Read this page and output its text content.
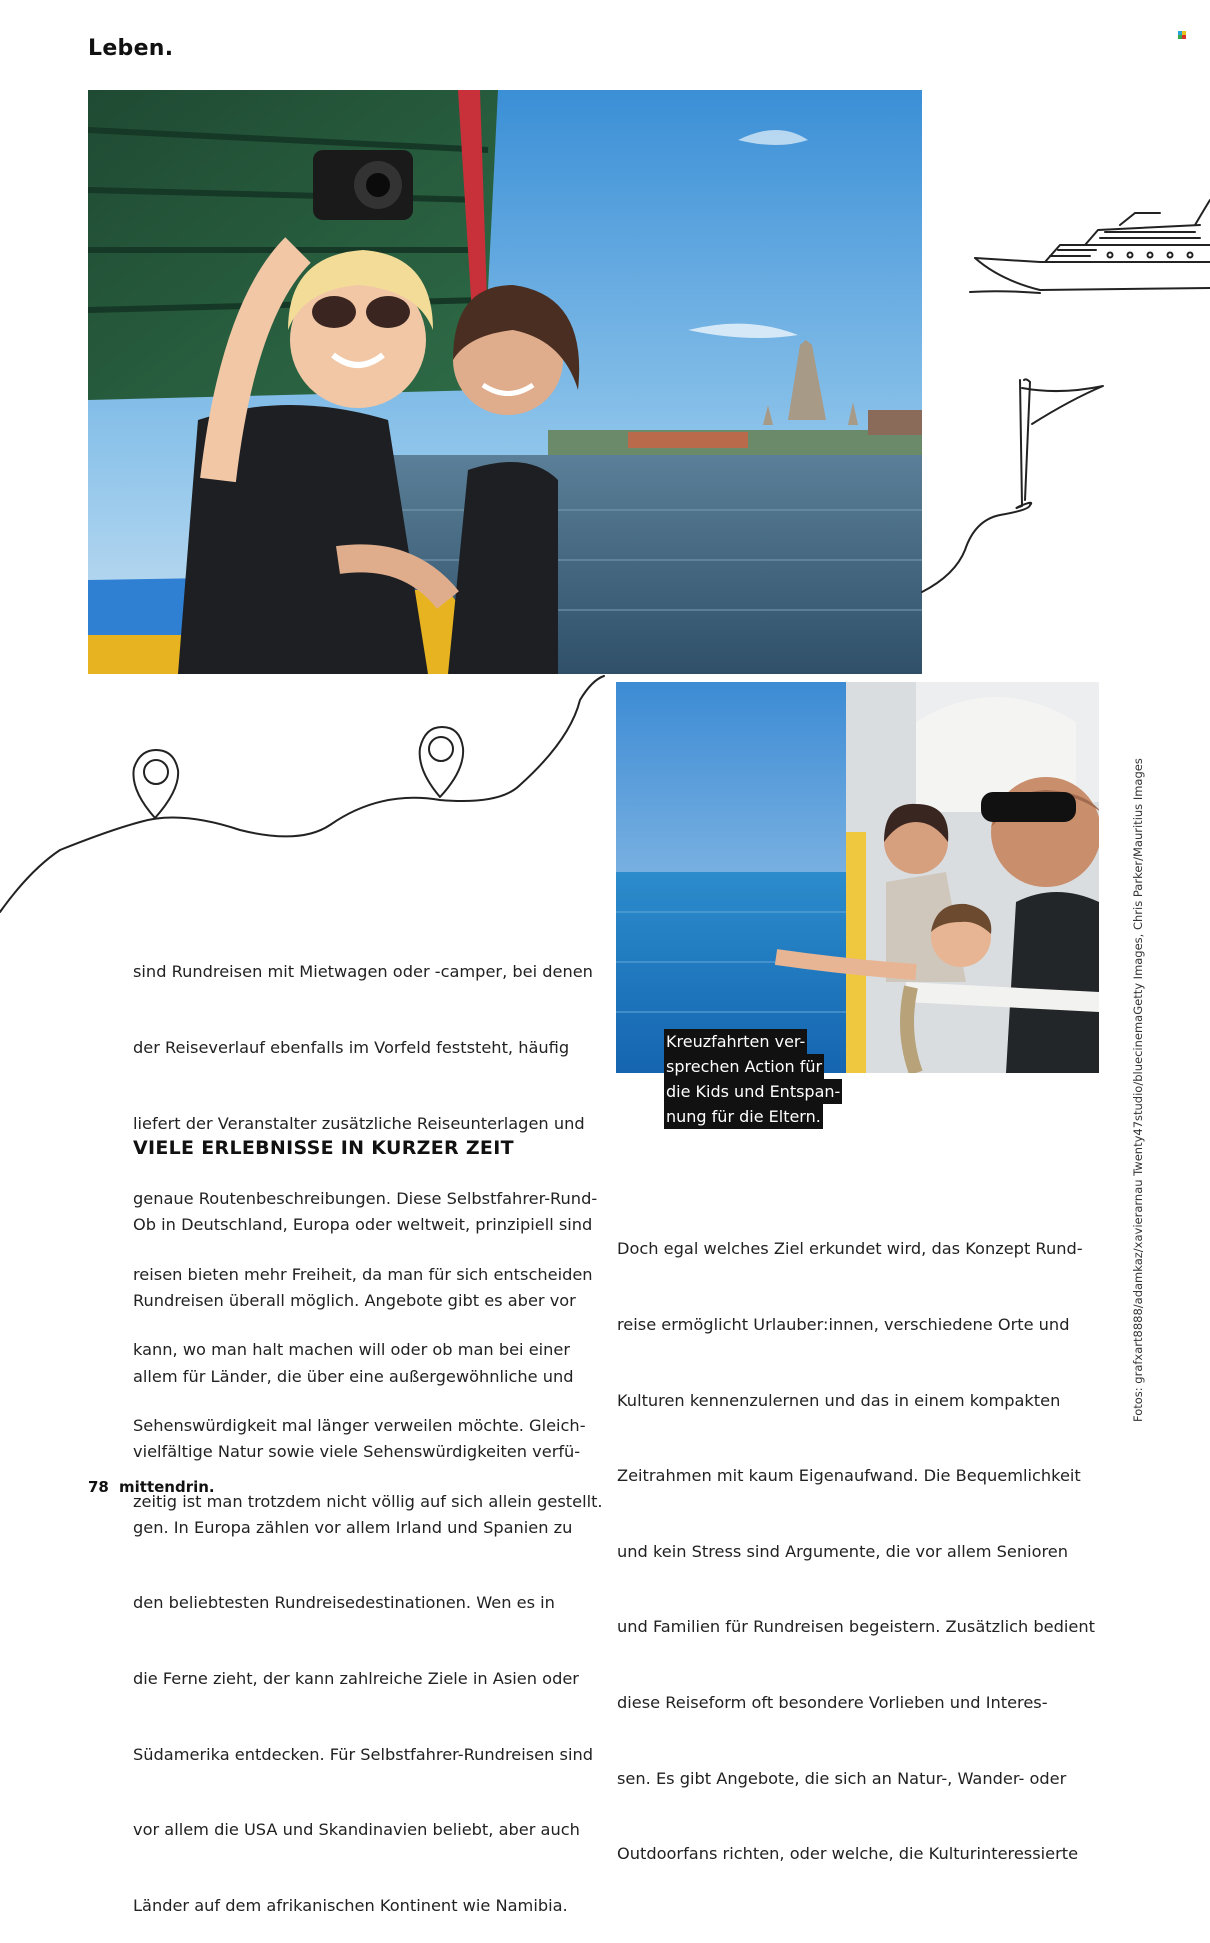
Leben.

sind Rundreisen mit Mietwagen oder -camper, bei denen

der Reiseverlauf ebenfalls im Vorfeld feststeht, häufig

liefert der Veranstalter zusätzliche Reiseunterlagen und

genaue Routenbeschreibungen. Diese Selbstfahrer-Rund-

reisen bieten mehr Freiheit, da man für sich entscheiden

kann, wo man halt machen will oder ob man bei einer

Sehenswürdigkeit mal länger verweilen möchte. Gleich-

zeitig ist man trotzdem nicht völlig auf sich allein gestellt.

VIELE ERLEBNISSE IN KURZER ZEIT

Ob in Deutschland, Europa oder weltweit, prinzipiell sind

Rundreisen überall möglich. Angebote gibt es aber vor

allem für Länder, die über eine außergewöhnliche und

vielfältige Natur sowie viele Sehenswürdigkeiten verfü-

gen. In Europa zählen vor allem Irland und Spanien zu

den beliebtesten Rundreisedestinationen. Wen es in

die Ferne zieht, der kann zahlreiche Ziele in Asien oder

Südamerika entdecken. Für Selbstfahrer-Rundreisen sind

vor allem die USA und Skandinavien beliebt, aber auch

Länder auf dem afrikanischen Kontinent wie Namibia.

Doch egal welches Ziel erkundet wird, das Konzept Rund-

reise ermöglicht Urlauber:innen, verschiedene Orte und

Kulturen kennenzulernen und das in einem kompakten

Zeitrahmen mit kaum Eigenaufwand. Die Bequemlichkeit

und kein Stress sind Argumente, die vor allem Senioren

und Familien für Rundreisen begeistern. Zusätzlich bedient

diese Reiseform oft besondere Vorlieben und Interes-

sen. Es gibt Angebote, die sich an Natur-, Wander- oder

Outdoorfans richten, oder welche, die Kulturinteressierte

Kreuzfahrten ver-
sprechen Action für
die Kids und Entspan-
nung für die Eltern.	Fotos: grafxart8888/adamkaz/xavierarnau Twenty47studio/bluecinemaGetty Images, Chris Parker/Mauritius Images
78 mittendrin.
